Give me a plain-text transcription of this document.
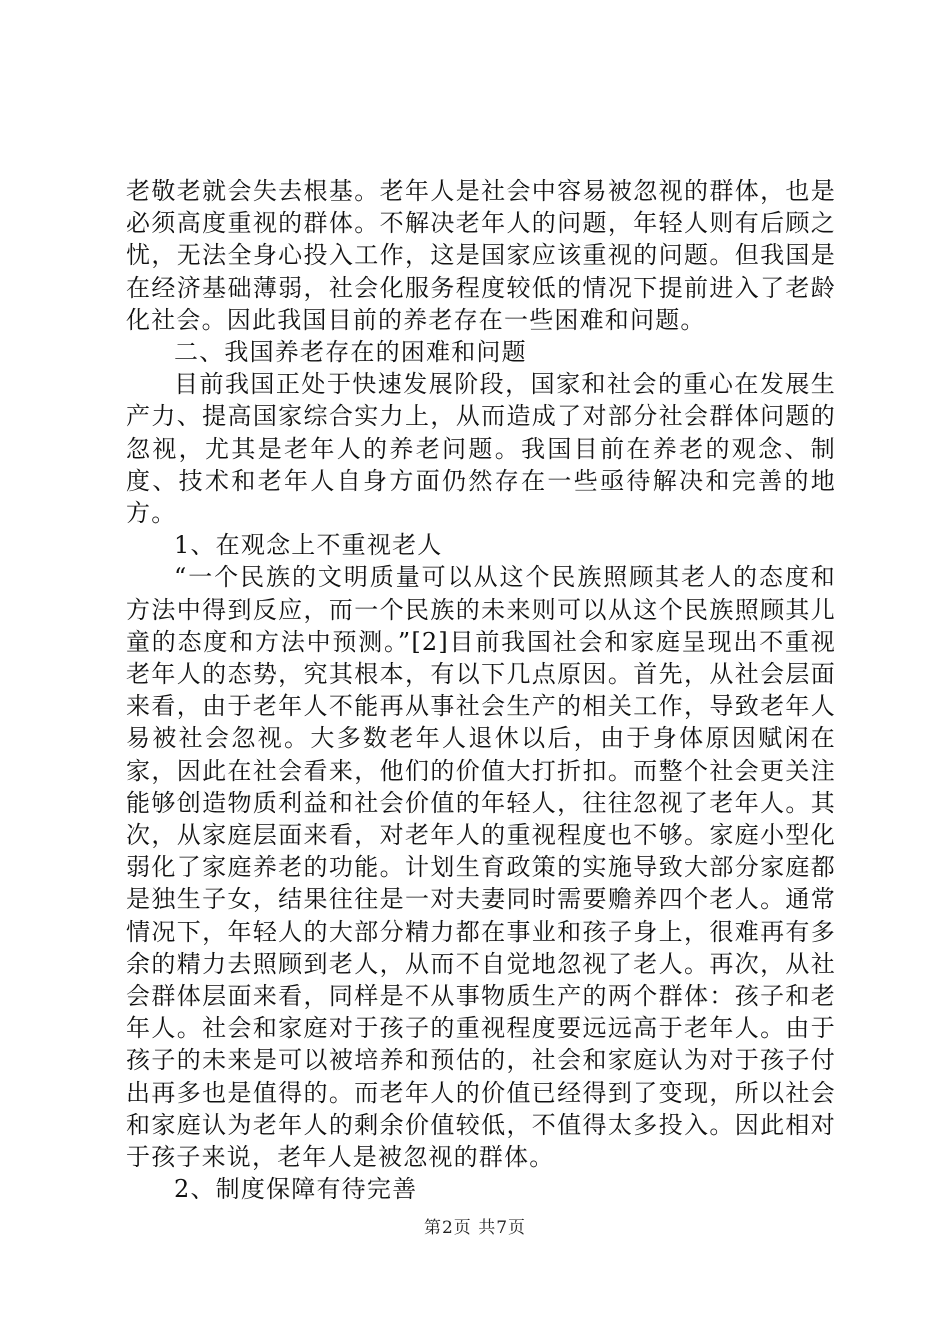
老敬老就会失去根基。老年人是社会中容易被忽视的群体，也是必须高度重视的群体。不解决老年人的问题，年轻人则有后顾之忧，无法全身心投入工作，这是国家应该重视的问题。但我国是在经济基础薄弱，社会化服务程度较低的情况下提前进入了老龄化社会。因此我国目前的养老存在一些困难和问题。

二、我国养老存在的困难和问题

目前我国正处于快速发展阶段，国家和社会的重心在发展生产力、提高国家综合实力上，从而造成了对部分社会群体问题的忽视，尤其是老年人的养老问题。我国目前在养老的观念、制度、技术和老年人自身方面仍然存在一些亟待解决和完善的地方。

1、在观念上不重视老人

“一个民族的文明质量可以从这个民族照顾其老人的态度和方法中得到反应，而一个民族的未来则可以从这个民族照顾其儿童的态度和方法中预测。”[2]目前我国社会和家庭呈现出不重视老年人的态势，究其根本，有以下几点原因。首先，从社会层面来看，由于老年人不能再从事社会生产的相关工作，导致老年人易被社会忽视。大多数老年人退休以后，由于身体原因赋闲在家，因此在社会看来，他们的价值大打折扣。而整个社会更关注能够创造物质利益和社会价值的年轻人，往往忽视了老年人。其次，从家庭层面来看，对老年人的重视程度也不够。家庭小型化弱化了家庭养老的功能。计划生育政策的实施导致大部分家庭都是独生子女，结果往往是一对夫妻同时需要赡养四个老人。通常情况下，年轻人的大部分精力都在事业和孩子身上，很难再有多余的精力去照顾到老人，从而不自觉地忽视了老人。再次，从社会群体层面来看，同样是不从事物质生产的两个群体：孩子和老年人。社会和家庭对于孩子的重视程度要远远高于老年人。由于孩子的未来是可以被培养和预估的，社会和家庭认为对于孩子付出再多也是值得的。而老年人的价值已经得到了变现，所以社会和家庭认为老年人的剩余价值较低，不值得太多投入。因此相对于孩子来说，老年人是被忽视的群体。

2、制度保障有待完善

第2页 共7页
